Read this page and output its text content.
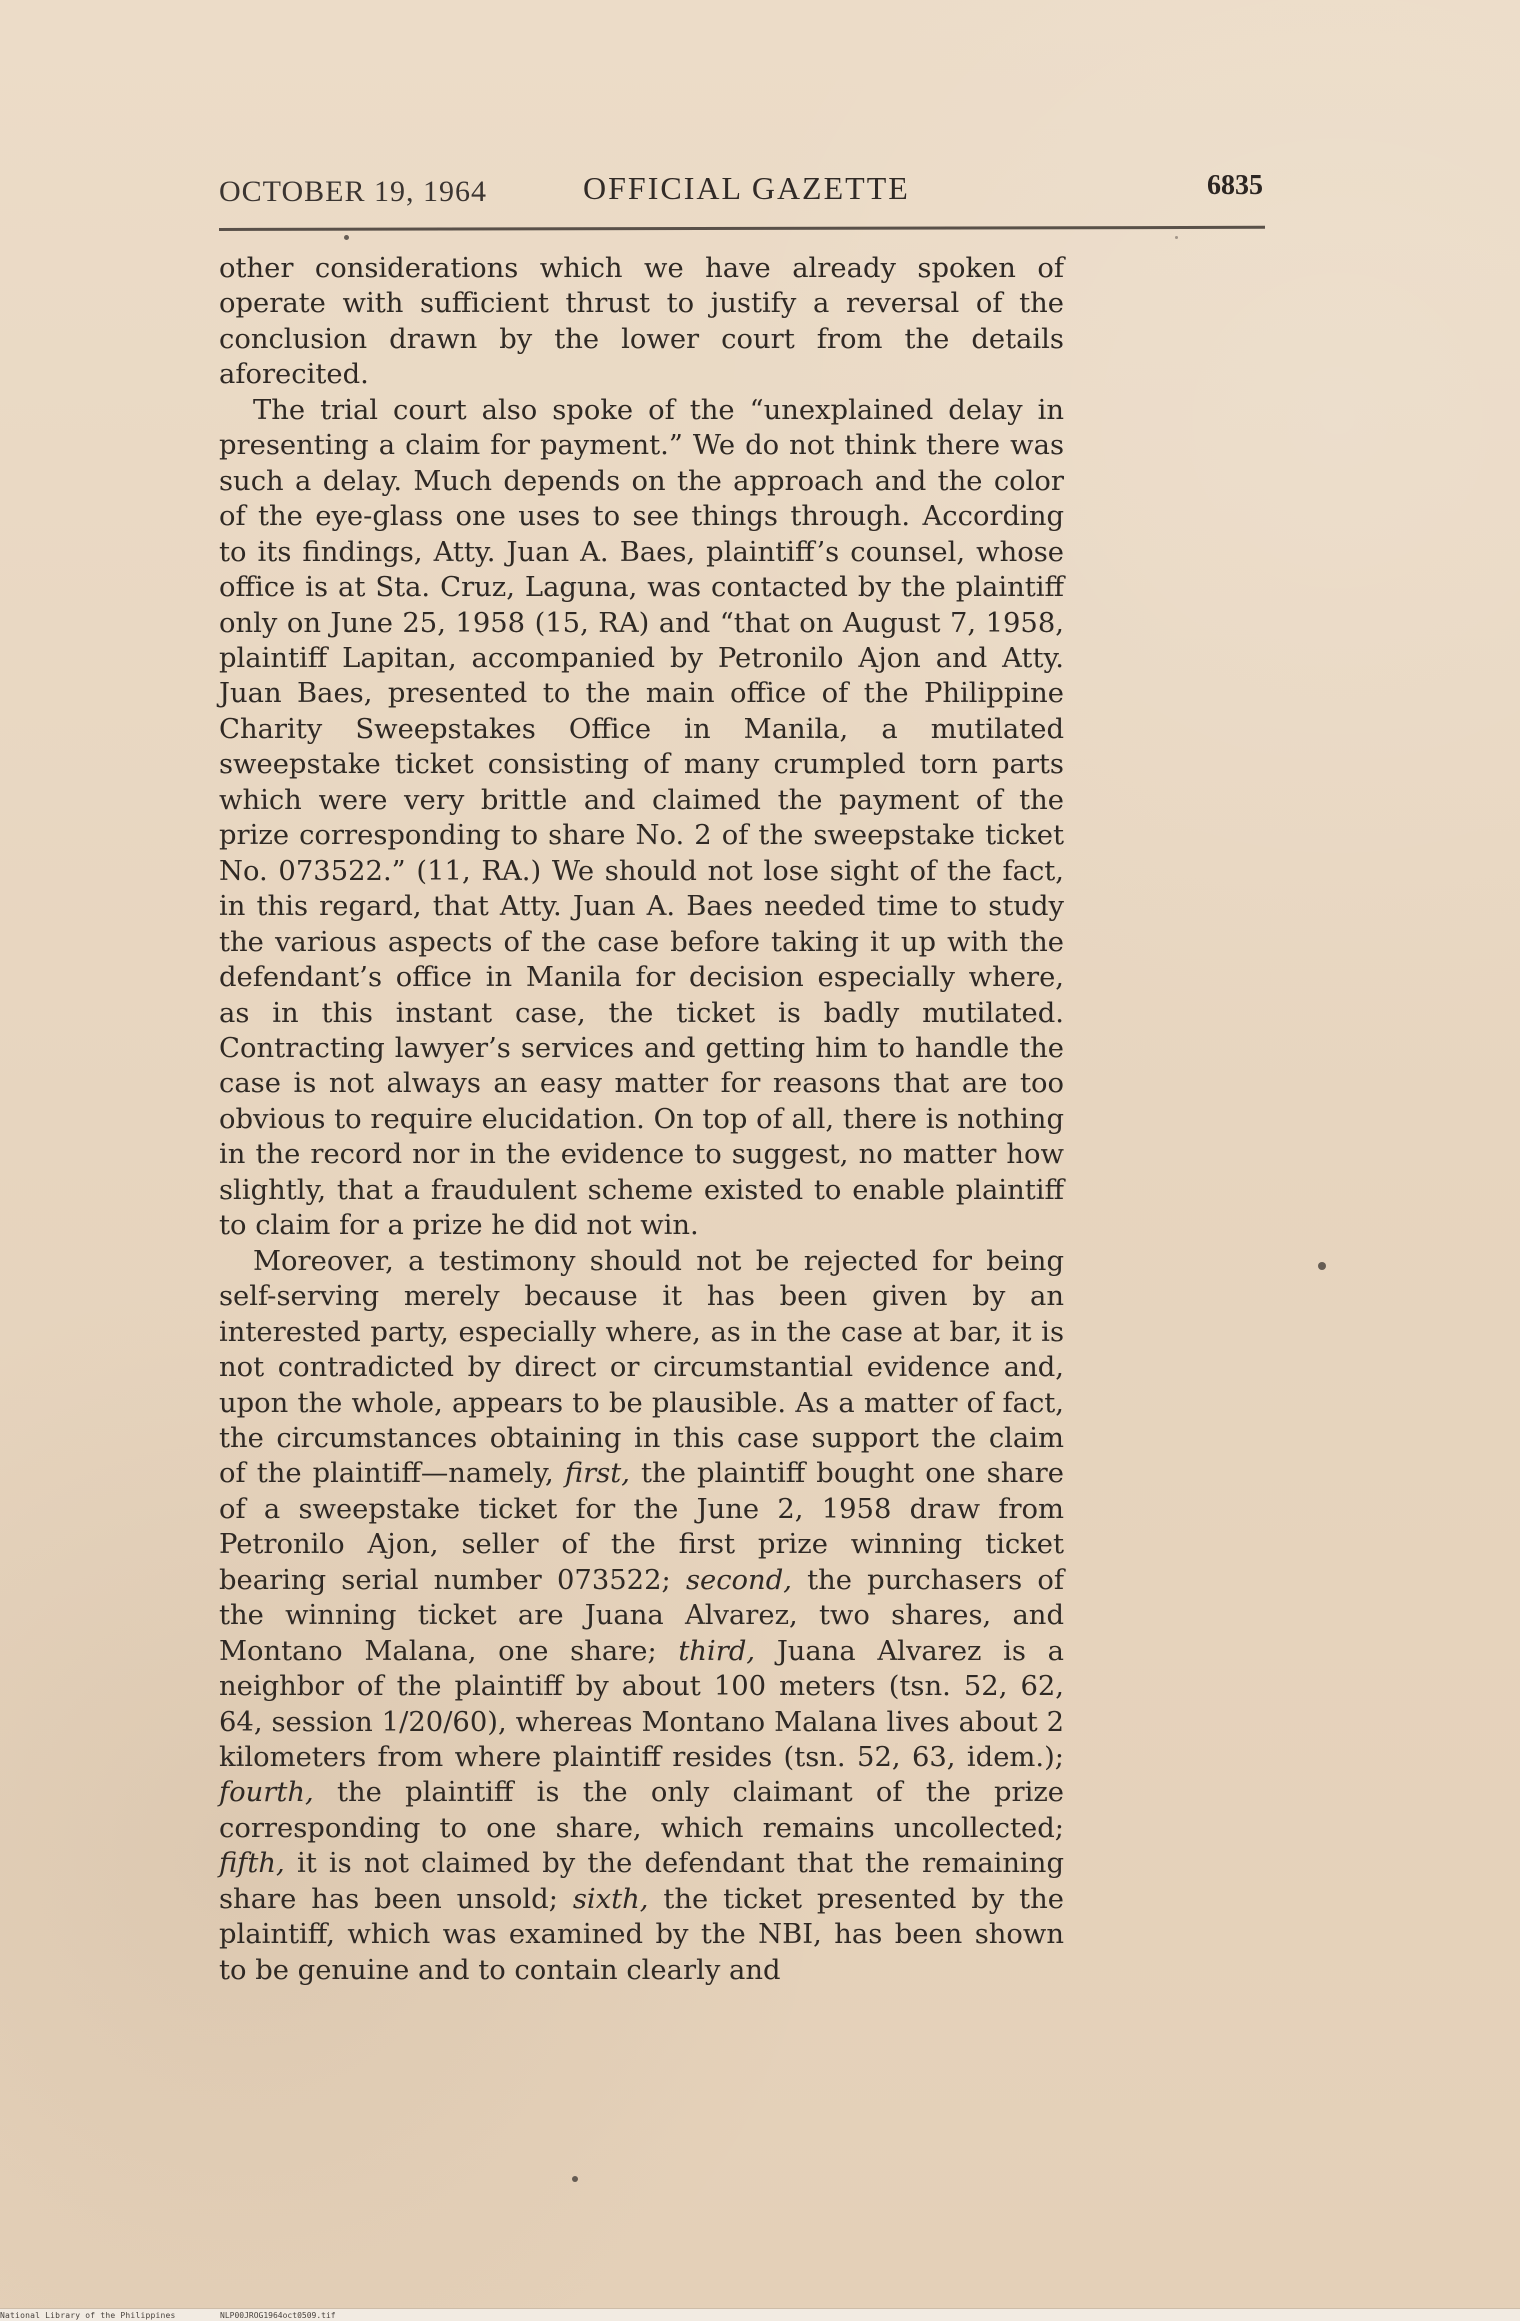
OCTOBER 19, 1964	OFFICIAL GAZETTE	6835

other considerations which we have already spoken of operate with sufficient thrust to justify a reversal of the conclusion drawn by the lower court from the details aforecited.

The trial court also spoke of the “unexplained delay in presenting a claim for payment.” We do not think there was such a delay. Much depends on the approach and the color of the eye-glass one uses to see things through. According to its findings, Atty. Juan A. Baes, plaintiff’s counsel, whose office is at Sta. Cruz, Laguna, was contacted by the plaintiff only on June 25, 1958 (15, RA) and “that on August 7, 1958, plaintiff Lapitan, accompanied by Petronilo Ajon and Atty. Juan Baes, presented to the main office of the Philippine Charity Sweepstakes Office in Manila, a mutilated sweepstake ticket consisting of many crumpled torn parts which were very brittle and claimed the payment of the prize corresponding to share No. 2 of the sweepstake ticket No. 073522.” (11, RA.) We should not lose sight of the fact, in this regard, that Atty. Juan A. Baes needed time to study the various aspects of the case before taking it up with the defendant’s office in Manila for decision especially where, as in this instant case, the ticket is badly mutilated. Contracting lawyer’s services and getting him to handle the case is not always an easy matter for reasons that are too obvious to require elucidation. On top of all, there is nothing in the record nor in the evidence to suggest, no matter how slightly, that a fraudulent scheme existed to enable plaintiff to claim for a prize he did not win.

Moreover, a testimony should not be rejected for being self-serving merely because it has been given by an interested party, especially where, as in the case at bar, it is not contradicted by direct or circumstantial evidence and, upon the whole, appears to be plausible. As a matter of fact, the circumstances obtaining in this case support the claim of the plaintiff—namely, first, the plaintiff bought one share of a sweepstake ticket for the June 2, 1958 draw from Petronilo Ajon, seller of the first prize winning ticket bearing serial number 073522; second, the purchasers of the winning ticket are Juana Alvarez, two shares, and Montano Malana, one share; third, Juana Alvarez is a neighbor of the plaintiff by about 100 meters (tsn. 52, 62, 64, session 1/20/60), whereas Montano Malana lives about 2 kilometers from where plaintiff resides (tsn. 52, 63, idem.); fourth, the plaintiff is the only claimant of the prize corresponding to one share, which remains uncollected; fifth, it is not claimed by the defendant that the remaining share has been unsold; sixth, the ticket presented by the plaintiff, which was examined by the NBI, has been shown to be genuine and to contain clearly and

National Library of the Philippines	NLP00JROG1964oct0509.tif
